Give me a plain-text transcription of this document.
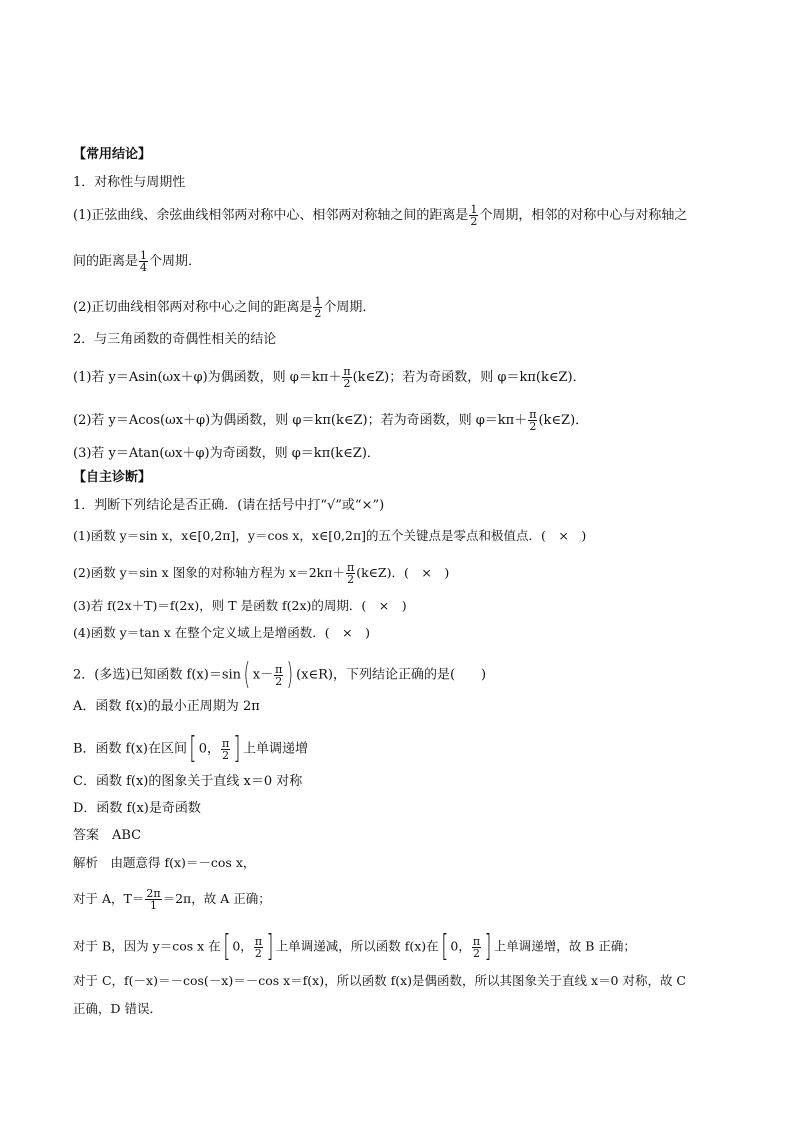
【常用结论】
1．对称性与周期性
(1)正弦曲线、余弦曲线相邻两对称中心、相邻两对称轴之间的距离是 $\frac{1}{2}$ 个周期，相邻的对称中心与对称轴之
间的距离是 $\frac{1}{4}$ 个周期．
(2)正切曲线相邻两对称中心之间的距离是 $\frac{1}{2}$ 个周期．
2．与三角函数的奇偶性相关的结论
(1)若 y＝Asin(ωx＋φ)为偶函数，则 $\varphi=k\pi+ \frac{\pi}{2}$ (k∈Z)；若为奇函数，则 φ＝kπ(k∈Z)．
(2)若 y＝Acos(ωx＋φ)为偶函数，则 φ＝kπ(k∈Z)；若为奇函数，则 $\varphi=k\pi+ \frac{\pi}{2}$ (k∈Z)．
(3)若 y＝Atan(ωx＋φ)为奇函数，则 φ＝kπ(k∈Z)．
【自主诊断】
1．判断下列结论是否正确．(请在括号中打“√”或“×”)
(1)函数 y＝sin x，x∈[0,2π]，y＝cos x，x∈[0,2π]的五个关键点是零点和极值点．(　×　)
(2)函数 y＝sin x 图象的对称轴方程为 $x=2k\pi+ \frac{\pi}{2}$ (k∈Z)．(　×　)
(3)若 f(2x＋T)＝f(2x)，则 T 是函数 f(2x)的周期．(　×　)
(4)函数 y＝tan x 在整个定义域上是增函数．(　×　)
2．(多选)已知函数 f(x)＝sin( $x- \frac{\pi}{2}$ ) (x∈R)，下列结论正确的是(　　)
A．函数 f(x)的最小正周期为 2π
B．函数 f(x)在区间[ 0， $\frac{\pi}{2}$ ] 上单调递增
C．函数 f(x)的图象关于直线 x＝0 对称
D．函数 f(x)是奇函数
答案　ABC
解析　由题意得 f(x)＝－cos x，
对于 A，$T= \frac{2\pi}{1} =2\pi$，故 A 正确；
对于 B，因为 y＝cos x 在[ 0， $\frac{\pi}{2}$ ] 上单调递减，所以函数 f(x)在[ 0， $\frac{\pi}{2}$ ] 上单调递增，故 B 正确；
对于 C，f(－x)＝－cos(－x)＝－cos x＝f(x)，所以函数 f(x)是偶函数，所以其图象关于直线 x＝0 对称，故 C
正确，D 错误．
